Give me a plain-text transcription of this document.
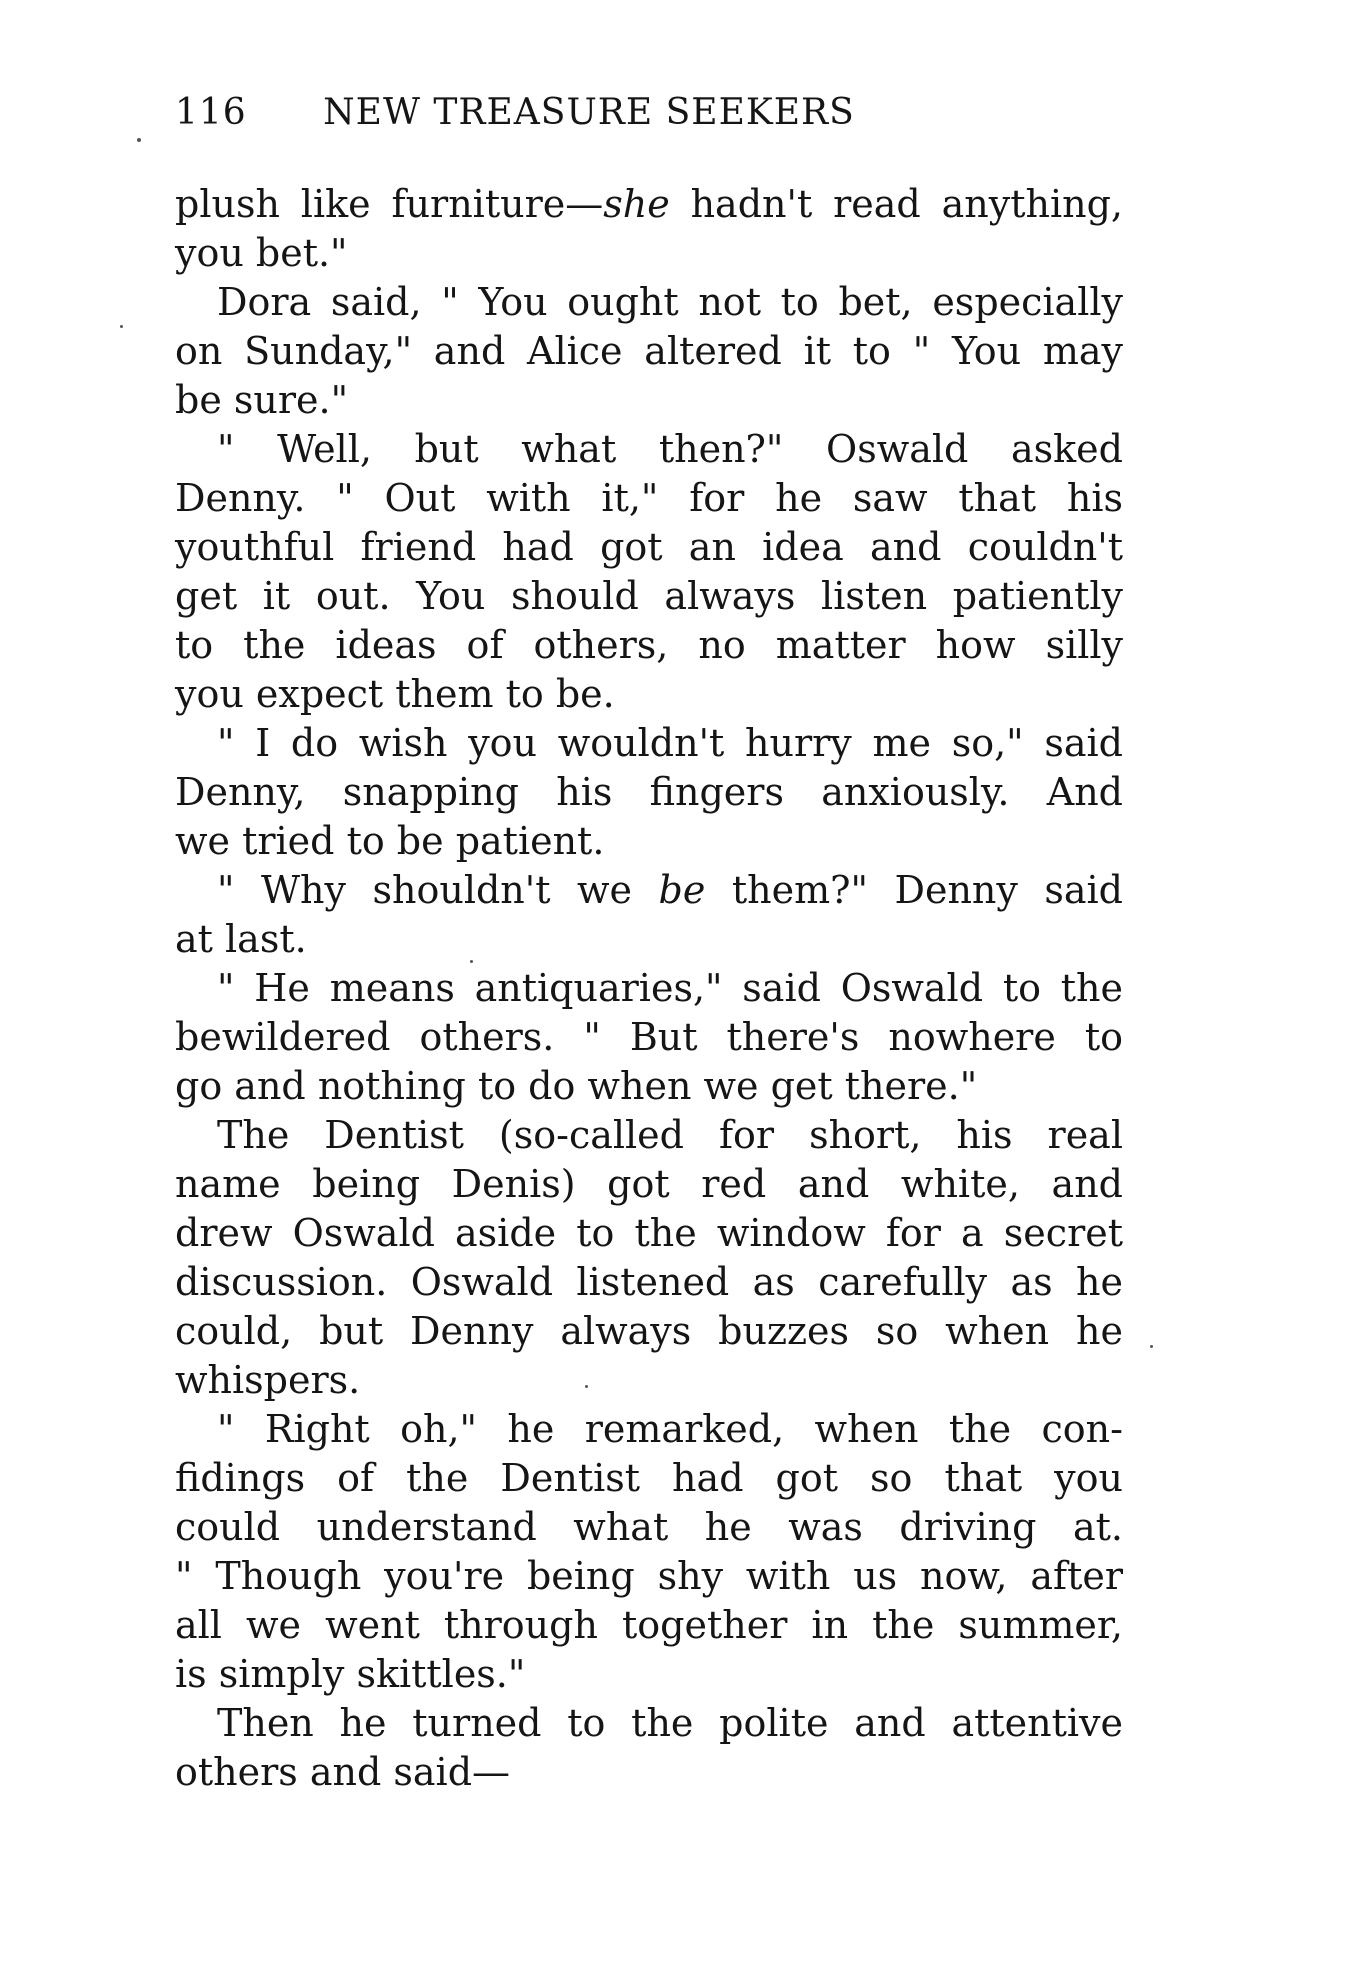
116 NEW TREASURE SEEKERS
plush like furniture—she hadn't read anything,
you bet."
Dora said, " You ought not to bet, especially
on Sunday," and Alice altered it to " You may
be sure."
" Well, but what then?" Oswald asked
Denny. " Out with it," for he saw that his
youthful friend had got an idea and couldn't
get it out. You should always listen patiently
to the ideas of others, no matter how silly
you expect them to be.
" I do wish you wouldn't hurry me so," said
Denny, snapping his fingers anxiously. And
we tried to be patient.
" Why shouldn't we be them?" Denny said
at last.
" He means antiquaries," said Oswald to the
bewildered others. " But there's nowhere to
go and nothing to do when we get there."
The Dentist (so-called for short, his real
name being Denis) got red and white, and
drew Oswald aside to the window for a secret
discussion. Oswald listened as carefully as he
could, but Denny always buzzes so when he
whispers.
" Right oh," he remarked, when the con-
fidings of the Dentist had got so that you
could understand what he was driving at.
" Though you're being shy with us now, after
all we went through together in the summer,
is simply skittles."
Then he turned to the polite and attentive
others and said—
